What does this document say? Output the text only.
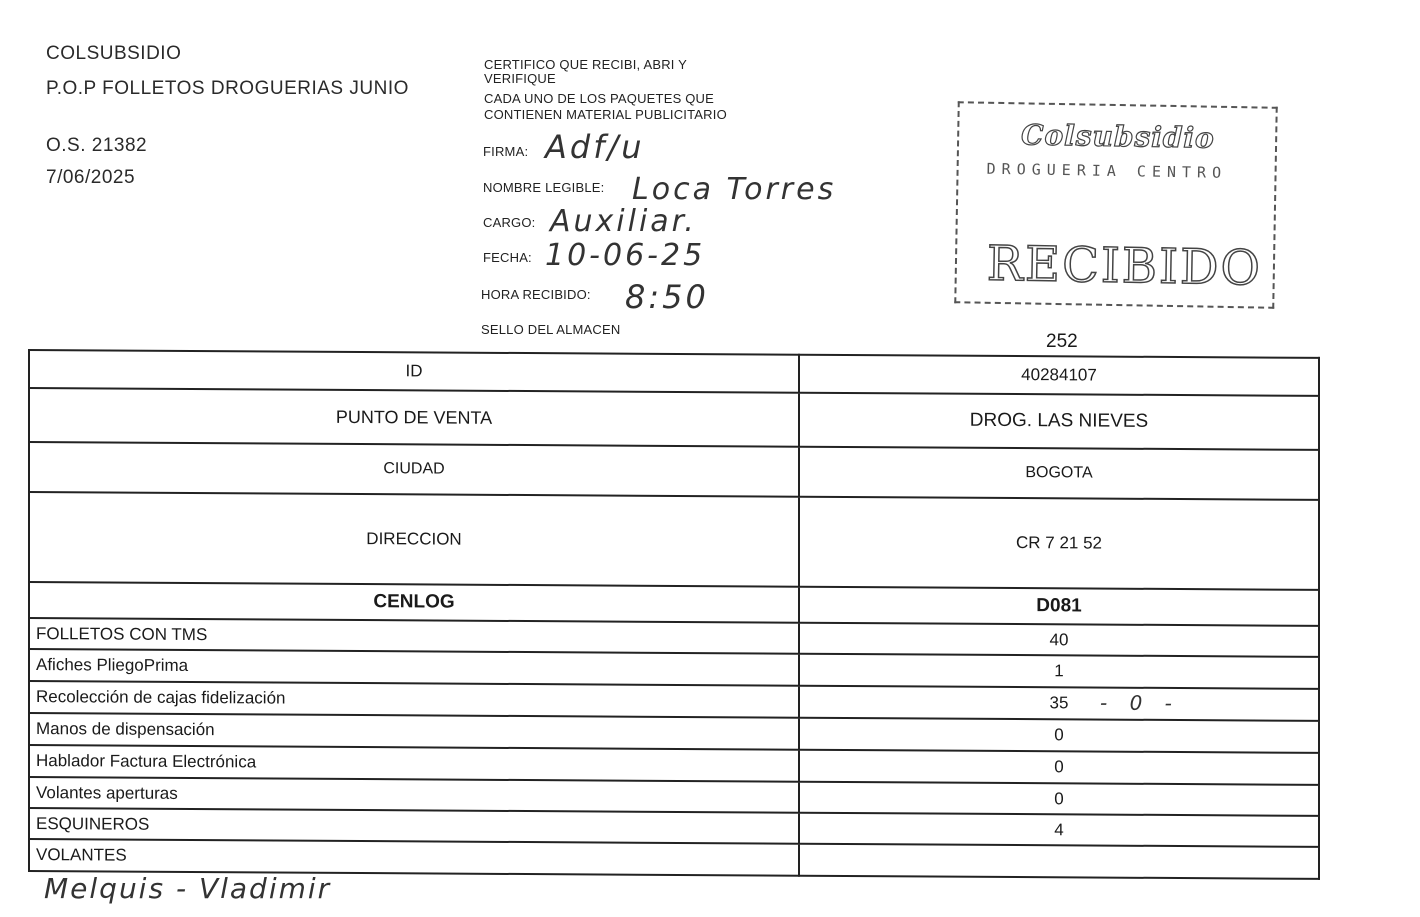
COLSUBSIDIO
P.O.P FOLLETOS DROGUERIAS JUNIO
O.S. 21382
7/06/2025
CERTIFICO QUE RECIBI, ABRI Y
VERIFIQUE
CADA UNO DE LOS PAQUETES QUE
CONTIENEN MATERIAL PUBLICITARIO
FIRMA: Adf/u
NOMBRE LEGIBLE: Loca Torres
CARGO: Auxiliar.
FECHA: 10-06-25
HORA RECIBIDO: 8:50
SELLO DEL ALMACEN
Colsubsidio
DROGUERIA CENTRO
RECIBIDO
252
ID	40284107
PUNTO DE VENTA	DROG. LAS NIEVES
CIUDAD	BOGOTA
DIRECCION	CR 7 21 52
CENLOG	D081
FOLLETOS CON TMS	40
Afiches PliegoPrima	1
Recolección de cajas fidelización	35 - 0 -

Manos de dispensación	0
Hablador Factura Electrónica	0
Volantes aperturas	0
ESQUINEROS	4
VOLANTES	
Melquis - Vladimir
